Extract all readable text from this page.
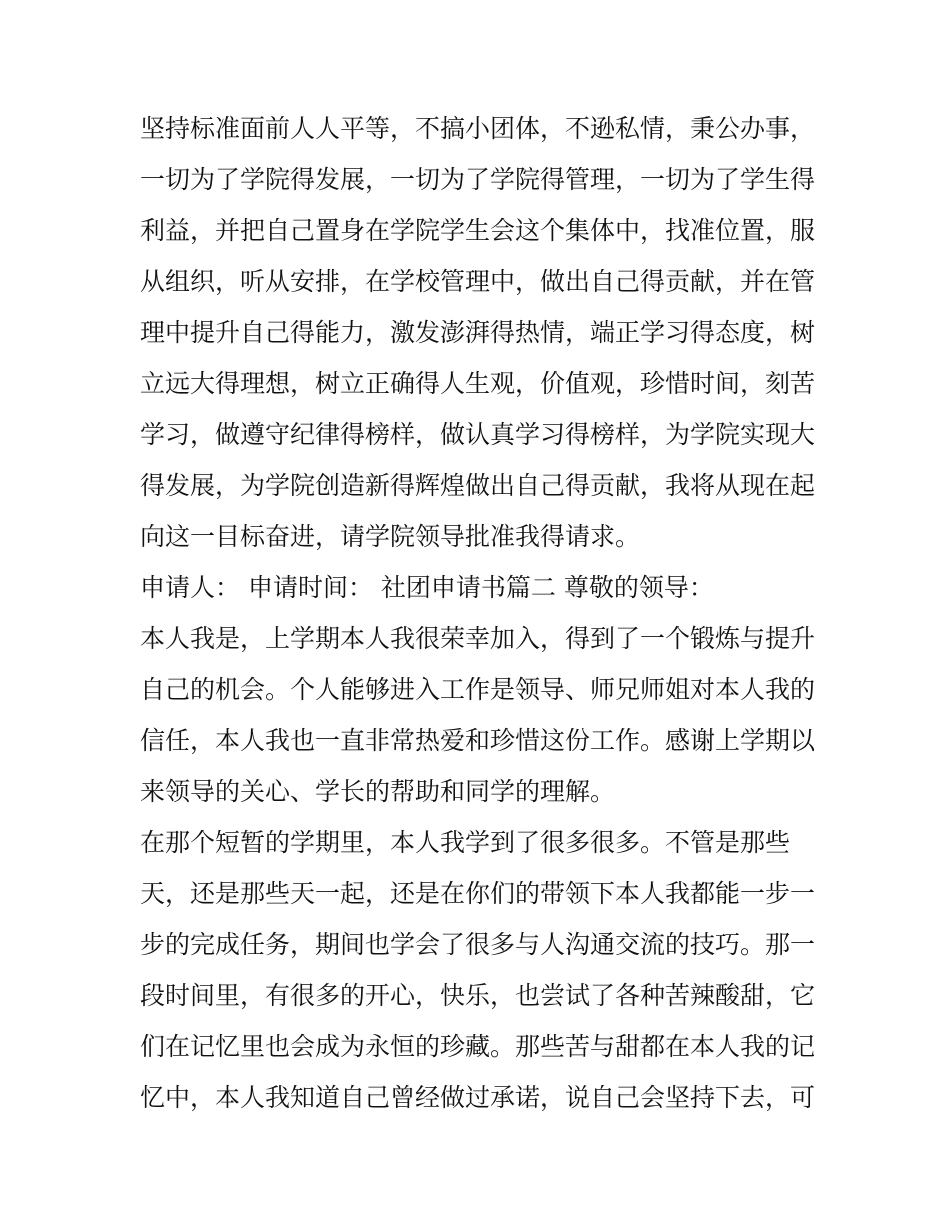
坚持标准面前人人平等，不搞小团体，不逊私情，秉公办事，
一切为了学院得发展，一切为了学院得管理，一切为了学生得
利益，并把自己置身在学院学生会这个集体中，找准位置，服
从组织，听从安排，在学校管理中，做出自己得贡献，并在管
理中提升自己得能力，激发澎湃得热情，端正学习得态度，树
立远大得理想，树立正确得人生观，价值观，珍惜时间，刻苦
学习，做遵守纪律得榜样，做认真学习得榜样，为学院实现大
得发展，为学院创造新得辉煌做出自己得贡献，我将从现在起
向这一目标奋进，请学院领导批准我得请求。
申请人： 申请时间： 社团申请书篇二 尊敬的领导：
本人我是，上学期本人我很荣幸加入，得到了一个锻炼与提升
自己的机会。个人能够进入工作是领导、师兄师姐对本人我的
信任，本人我也一直非常热爱和珍惜这份工作。感谢上学期以
来领导的关心、学长的帮助和同学的理解。
在那个短暂的学期里，本人我学到了很多很多。不管是那些
天，还是那些天一起，还是在你们的带领下本人我都能一步一
步的完成任务，期间也学会了很多与人沟通交流的技巧。那一
段时间里，有很多的开心，快乐，也尝试了各种苦辣酸甜，它
们在记忆里也会成为永恒的珍藏。那些苦与甜都在本人我的记
忆中，本人我知道自己曾经做过承诺，说自己会坚持下去，可
